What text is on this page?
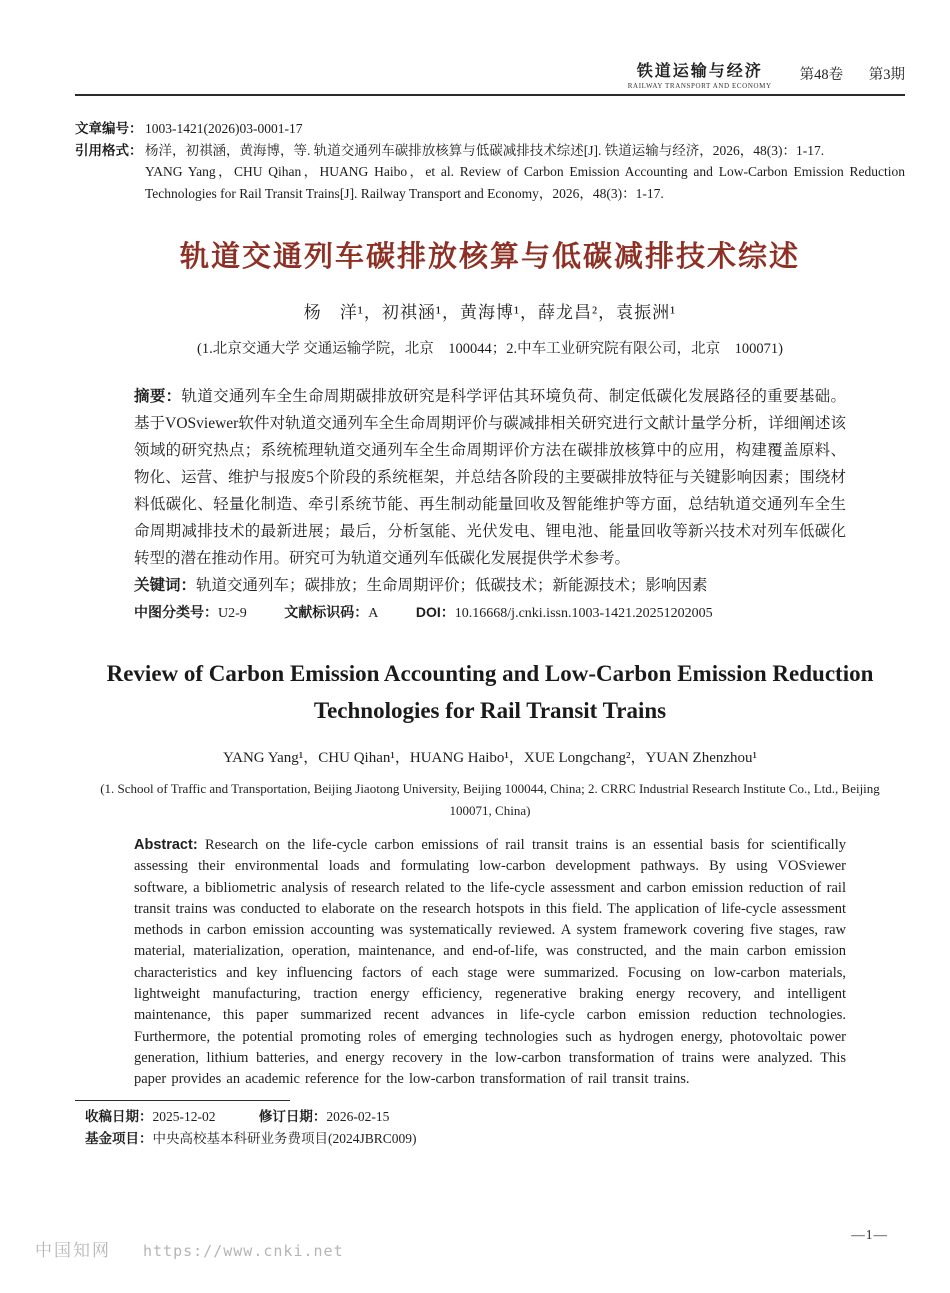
铁道运输与经济
RAILWAY TRANSPORT AND ECONOMY
第48卷 第3期
文章编号： 1003-1421(2026)03-0001-17
引用格式： 杨洋，初祺涵，黄海博，等. 轨道交通列车碳排放核算与低碳减排技术综述[J]. 铁道运输与经济，2026，48(3)：1-17.
YANG Yang，CHU Qihan，HUANG Haibo，et al. Review of Carbon Emission Accounting and Low-Carbon Emission Reduction Technologies for Rail Transit Trains[J]. Railway Transport and Economy，2026，48(3)：1-17.
轨道交通列车碳排放核算与低碳减排技术综述
杨　洋¹，初祺涵¹，黄海博¹，薛龙昌²，袁振洲¹
(1.北京交通大学 交通运输学院，北京　100044；2.中车工业研究院有限公司，北京　100071)

摘要：轨道交通列车全生命周期碳排放研究是科学评估其环境负荷、制定低碳化发展路径的重要基础。基于VOSviewer软件对轨道交通列车全生命周期评价与碳减排相关研究进行文献计量学分析，详细阐述该领域的研究热点；系统梳理轨道交通列车全生命周期评价方法在碳排放核算中的应用，构建覆盖原料、物化、运营、维护与报废5个阶段的系统框架，并总结各阶段的主要碳排放特征与关键影响因素；围绕材料低碳化、轻量化制造、牵引系统节能、再生制动能量回收及智能维护等方面，总结轨道交通列车全生命周期减排技术的最新进展；最后，分析氢能、光伏发电、锂电池、能量回收等新兴技术对列车低碳化转型的潜在推动作用。研究可为轨道交通列车低碳化发展提供学术参考。

关键词：轨道交通列车；碳排放；生命周期评价；低碳技术；新能源技术；影响因素

中图分类号：U2-9	文献标识码：A	DOI：10.16668/j.cnki.issn.1003-1421.20251202005

Review of Carbon Emission Accounting and Low-Carbon Emission Reduction Technologies for Rail Transit Trains
YANG Yang¹，CHU Qihan¹，HUANG Haibo¹，XUE Longchang²，YUAN Zhenzhou¹
(1. School of Traffic and Transportation, Beijing Jiaotong University, Beijing 100044, China; 2. CRRC Industrial Research Institute Co., Ltd., Beijing 100071, China)

Abstract: Research on the life-cycle carbon emissions of rail transit trains is an essential basis for scientifically assessing their environmental loads and formulating low-carbon development pathways. By using VOSviewer software, a bibliometric analysis of research related to the life-cycle assessment and carbon emission reduction of rail transit trains was conducted to elaborate on the research hotspots in this field. The application of life-cycle assessment methods in carbon emission accounting was systematically reviewed. A system framework covering five stages, raw material, materialization, operation, maintenance, and end-of-life, was constructed, and the main carbon emission characteristics and key influencing factors of each stage were summarized. Focusing on low-carbon materials, lightweight manufacturing, traction energy efficiency, regenerative braking energy recovery, and intelligent maintenance, this paper summarized recent advances in life-cycle carbon emission reduction technologies. Furthermore, the potential promoting roles of emerging technologies such as hydrogen energy, photovoltaic power generation, lithium batteries, and energy recovery in the low-carbon transformation of trains were analyzed. This paper provides an academic reference for the low-carbon transformation of rail transit trains.

收稿日期：2025-12-02	修订日期：2026-02-15
基金项目：中央高校基本科研业务费项目(2024JBRC009)
中国知网 https://www.cnki.net
—1—
